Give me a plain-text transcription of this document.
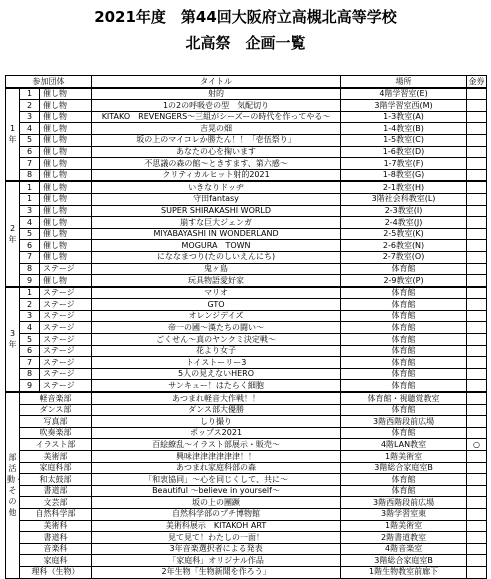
2021年度　第44回大阪府立高槻北高等学校
北高祭　企画一覧
参加団体			タイトル	場所	金券
1年	1	催し物	射的	4階学習室(E)	
	2	催し物	1の2の呼吸壱の型　気配切り	3階学習室西(M)	
	3	催し物	KITAKO　REVENGERS～三組がシーズーの時代を作ってやる～	1-3教室(A)	
	4	催し物	吉晃の畑	1-4教室(B)	
	5	催し物	坂の上のマイコレか勝たん！！「壱伍祭り」	1-5教室(C)	
	6	催し物	あなたの心を掬います	1-6教室(D)	
	7	催し物	不思議の森の館～ときすます、第六感～	1-7教室(F)	
	8	催し物	クリティカルヒット射的2021	1-8教室(G)	
2年	1	催し物	いきなりドッヂ	2-1教室(H)	
	1	催し物	守田fantasy	3階社会科教室(L)	
	3	催し物	SUPER SHIRAKASHI WORLD	2-3教室(I)	
	4	催し物	崩すな巨大ジェンガ	2-4教室(J)	
	5	催し物	MIYABAYASHI IN WONDERLAND	2-5教室(K)	
	6	催し物	MOGURA　TOWN	2-6教室(N)	
	7	催し物	にななまつり(たのしいえんにち)	2-7教室(O)	
	8	ステージ	鬼ヶ島	体育館	
	9	催し物	玩具物語愛好家	2-9教室(P)	
3年	1	ステージ	マリオ	体育館	
	2	ステージ	GTO	体育館	
	3	ステージ	オレンジデイズ	体育館	
	4	ステージ	帝一の國～漢たちの闘い～	体育館	
	5	ステージ	ごくせん～真のヤンクミ決定戦～	体育館	
	6	ステージ	花より女子	体育館	
	7	ステージ	トイストーリー3	体育館	
	8	ステージ	5人の見えないHERO	体育館	
	9	ステージ	サンキュー！はたらく細胞	体育館	
部活動・その他	軽音楽部		あつまれ軽音大作戦！！	体育館・視聴覚教室	
	ダンス部		ダンス部大優勝	体育館	
	写真部		しり撮り	3階西階段前広場	
	吹奏楽部		ポップス2021	体育館	
	イラスト部		百絵繚乱～イラスト部展示・販売～	4階LAN教室	○
	美術部		興味津津津津津津！！	1階美術室	
	家庭科部		あつまれ家庭科部の森	3階総合家庭室B	
	和太鼓部		「和衷協同」～心を同じくして、共に～	体育館	
	書道部		Beautiful ～believe in yourself～	体育館	
	文芸部		坂の上の團蹶	3階西階段前広場	
	自然科学部		自然科学部のプチ博物館	3階学習室東	
	美術科		美術科展示　KITAKOH ART	1階美術室	
	書道科		見て見て！わたしの一面！	2階書道教室	
	音楽科		3年音楽選択者による発表	4階音楽室	
	家庭科		「家庭科」オリジナル作品	3階総合家庭室B	
	理科（生物）		2年生物「生物新聞を作ろう」	1階生物教室前廊下	
